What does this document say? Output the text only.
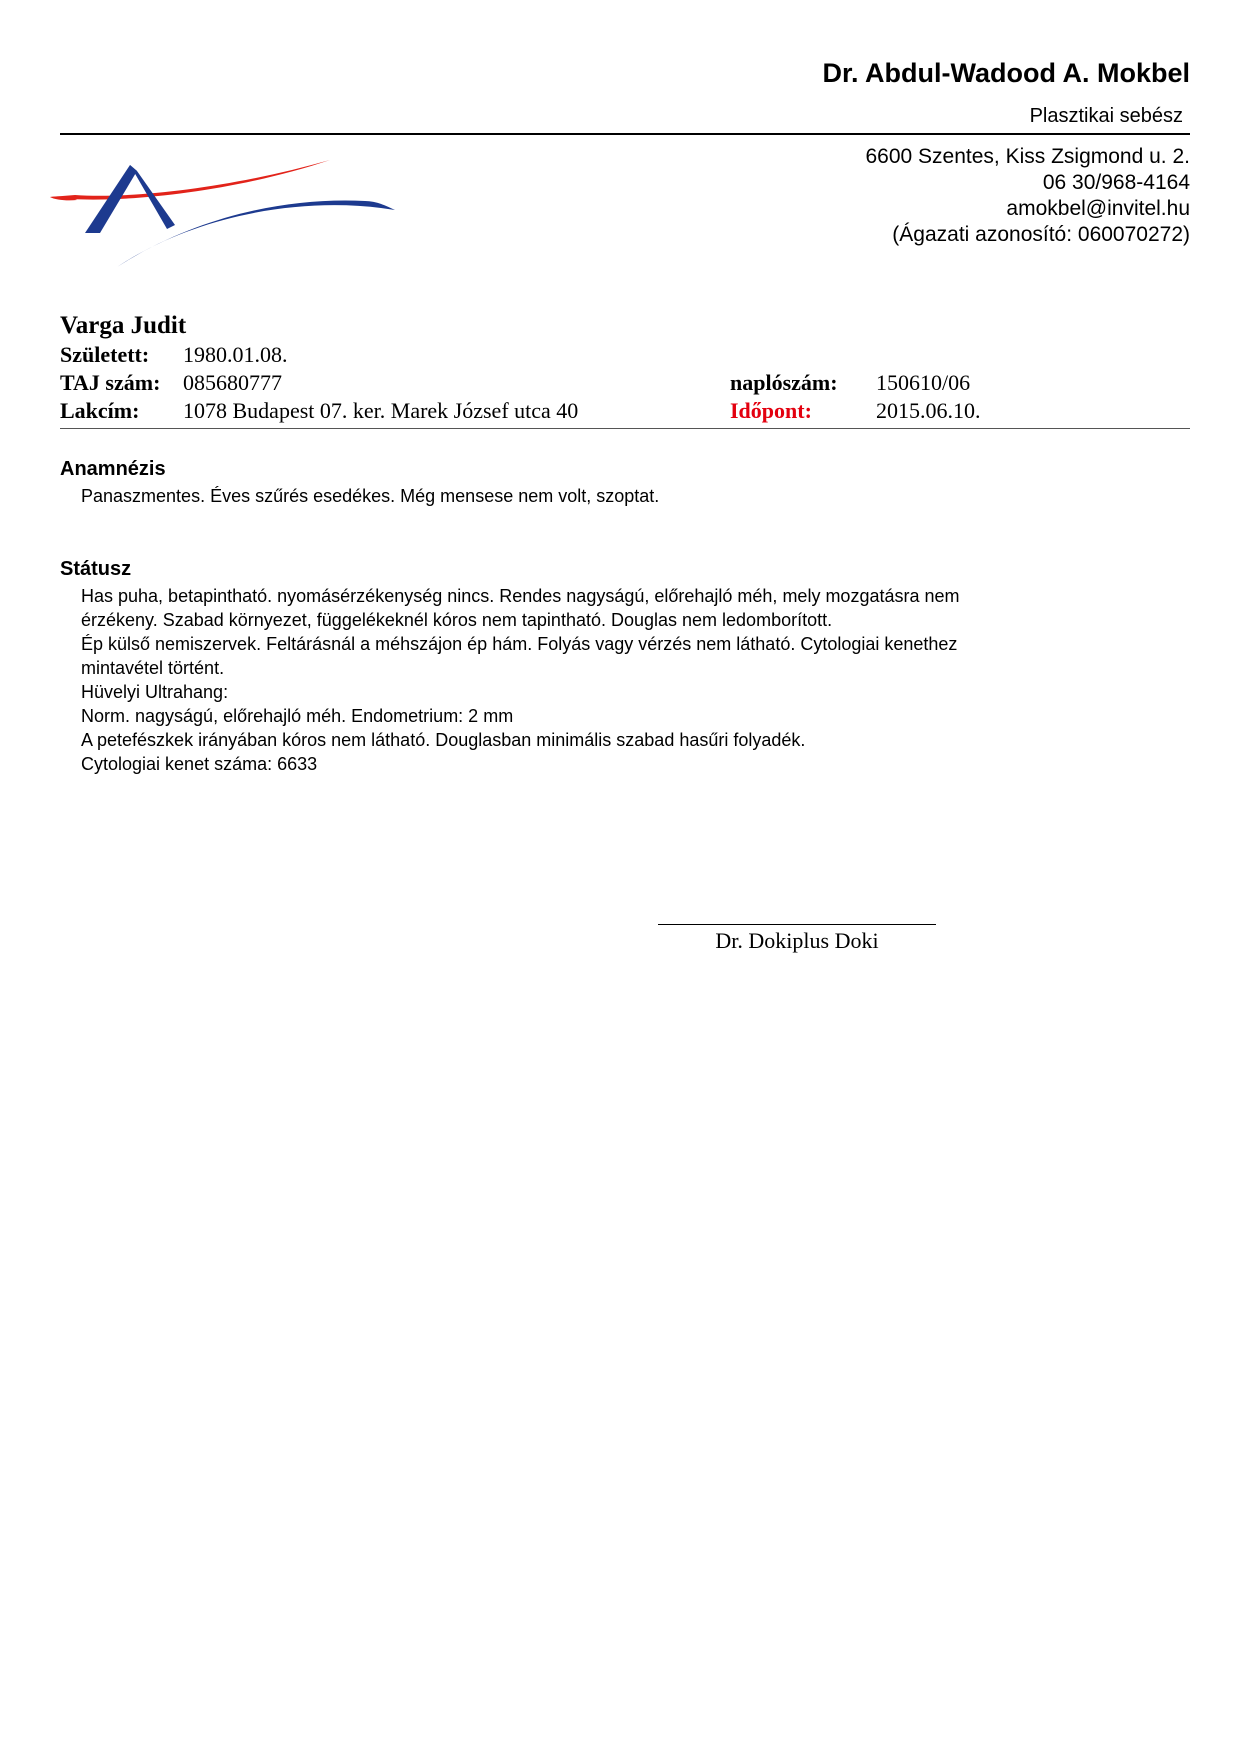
Dr. Abdul-Wadood A. Mokbel
Plasztikai sebész
6600 Szentes, Kiss Zsigmond u. 2.
06 30/968-4164
amokbel@invitel.hu
(Ágazati azonosító: 060070272)
Varga Judit
Született: 1980.01.08.
TAJ szám: 085680777
Lakcím: 1078 Budapest 07. ker. Marek József utca 40
naplószám: 150610/06
Időpont:	2015.06.10.
Anamnézis
Panaszmentes. Éves szűrés esedékes. Még mensese nem volt, szoptat.
Státusz
Has puha, betapintható. nyomásérzékenység nincs. Rendes nagyságú, előrehajló méh, mely mozgatásra nem
érzékeny. Szabad környezet, függelékeknél kóros nem tapintható. Douglas nem ledomborított.
Ép külső nemiszervek. Feltárásnál a méhszájon ép hám. Folyás vagy vérzés nem látható. Cytologiai kenethez
mintavétel történt.
Hüvelyi Ultrahang:
Norm. nagyságú, előrehajló méh. Endometrium: 2 mm
A petefészkek irányában kóros nem látható. Douglasban minimális szabad hasűri folyadék.
Cytologiai kenet száma: 6633
Dr. Dokiplus Doki
